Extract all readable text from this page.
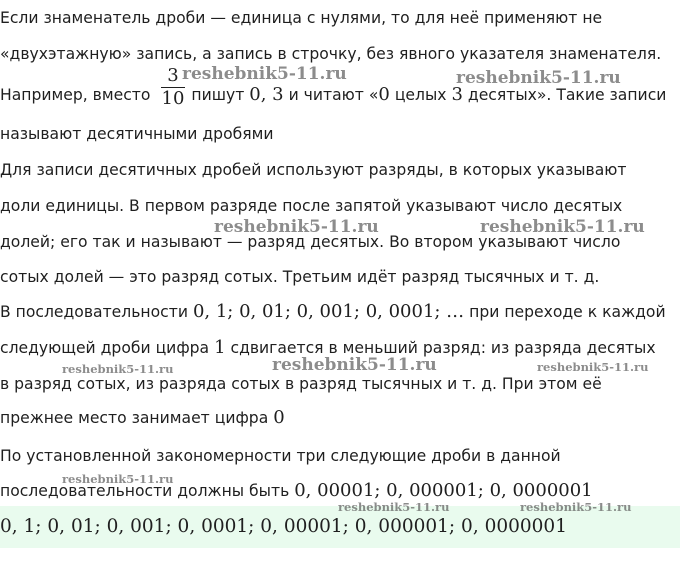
Если знаменатель дроби — единица с нулями, то для неё применяют не
«двухэтажную» запись, а запись в строчку, без явного указателя знаменателя.
Например, вместо	пишут 0, 3 и читают «0 целых 3 десятых». Такие записи
3
10
называют десятичными дробями
Для записи десятичных дробей используют разряды, в которых указывают
доли единицы. В первом разряде после запятой указывают число десятых
долей; его так и называют — разряд десятых. Во втором указывают число
сотых долей — это разряд сотых. Третьим идёт разряд тысячных и т. д.
В последовательности 0, 1; 0, 01; 0, 001; 0, 0001; … при переходе к каждой
следующей дроби цифра 1 сдвигается в меньший разряд: из разряда десятых
в разряд сотых, из разряда сотых в разряд тысячных и т. д. При этом её
прежнее место занимает цифра 0
По установленной закономерности три следующие дроби в данной
последовательности должны быть 0, 00001; 0, 000001; 0, 0000001
0, 1; 0, 01; 0, 001; 0, 0001; 0, 00001; 0, 000001; 0, 0000001
reshebnik5-11.ru	reshebnik5-11.ru
reshebnik5-11.ru	reshebnik5-11.ru
reshebnik5-11.ru
reshebnik5-11.ru	reshebnik5-11.ru
reshebnik5-11.ru
reshebnik5-11.ru	reshebnik5-11.ru
